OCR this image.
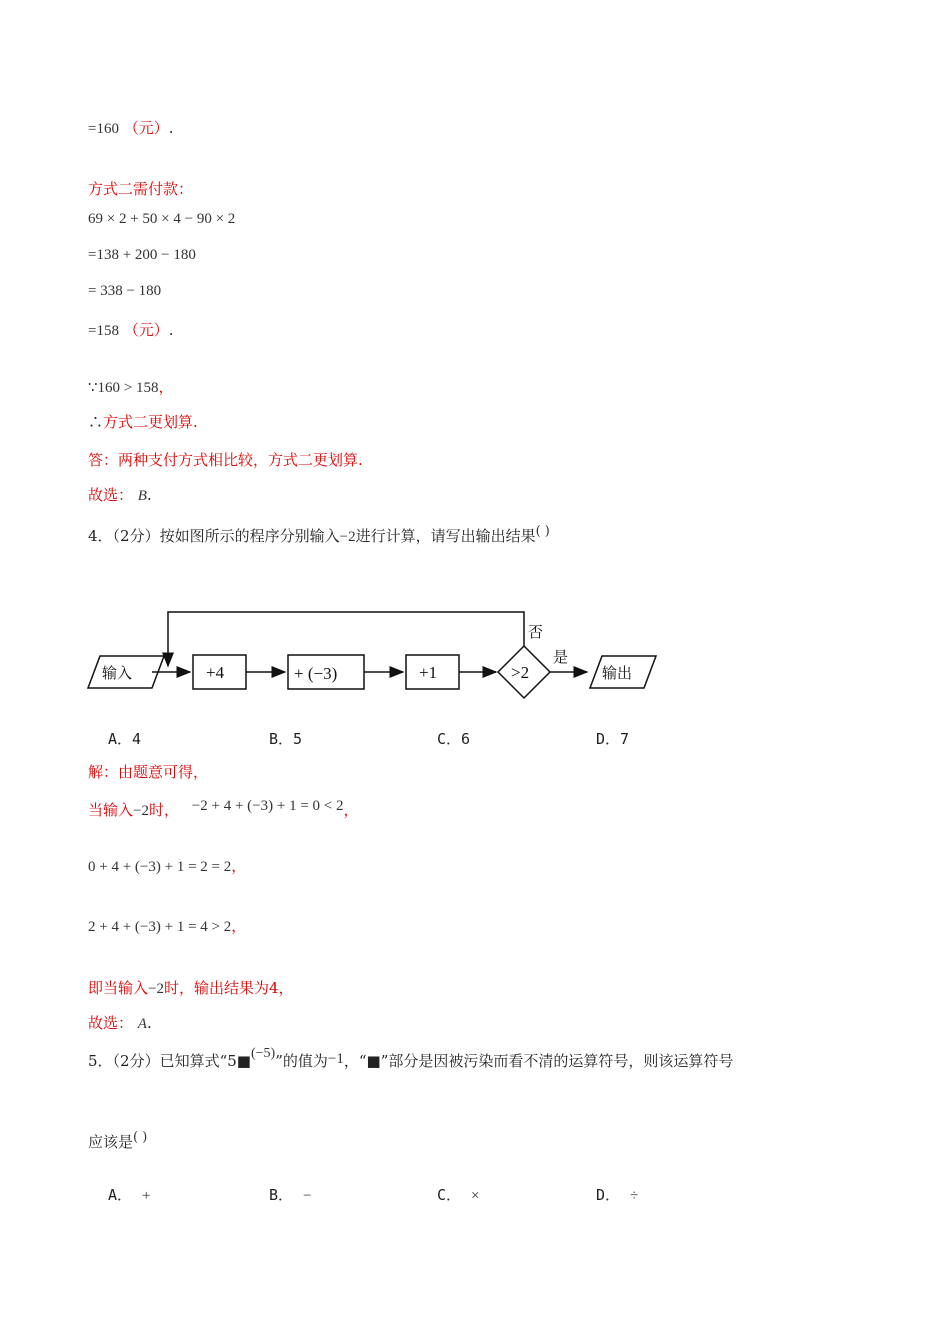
=160 （元）.
方式二需付款：
69 × 2 + 50 × 4 − 90 × 2
=138 + 200 − 180
= 338 − 180
=158 （元）.
∵160 > 158，
∴方式二更划算.
答：两种支付方式相比较，方式二更划算.
故选： B.
4．（2分）按如图所示的程序分别输入−2进行计算，请写出输出结果( )
输入	+4	+ (−3)	+1	>2
否
是
输出
A．4	B．5	C．6	D．7
解：由题意可得，
当输入−2时， −2 + 4 + (−3) + 1 = 0 < 2，
0 + 4 + (−3) + 1 = 2 = 2，
2 + 4 + (−3) + 1 = 4 > 2，
即当输入−2时，输出结果为4，
故选： A.
5．（2分）已知算式“5■(−5)”的值为−1，“■”部分是因被污染而看不清的运算符号，则该运算符号
应该是( )
A． +	B． −	C． ×	D． ÷
